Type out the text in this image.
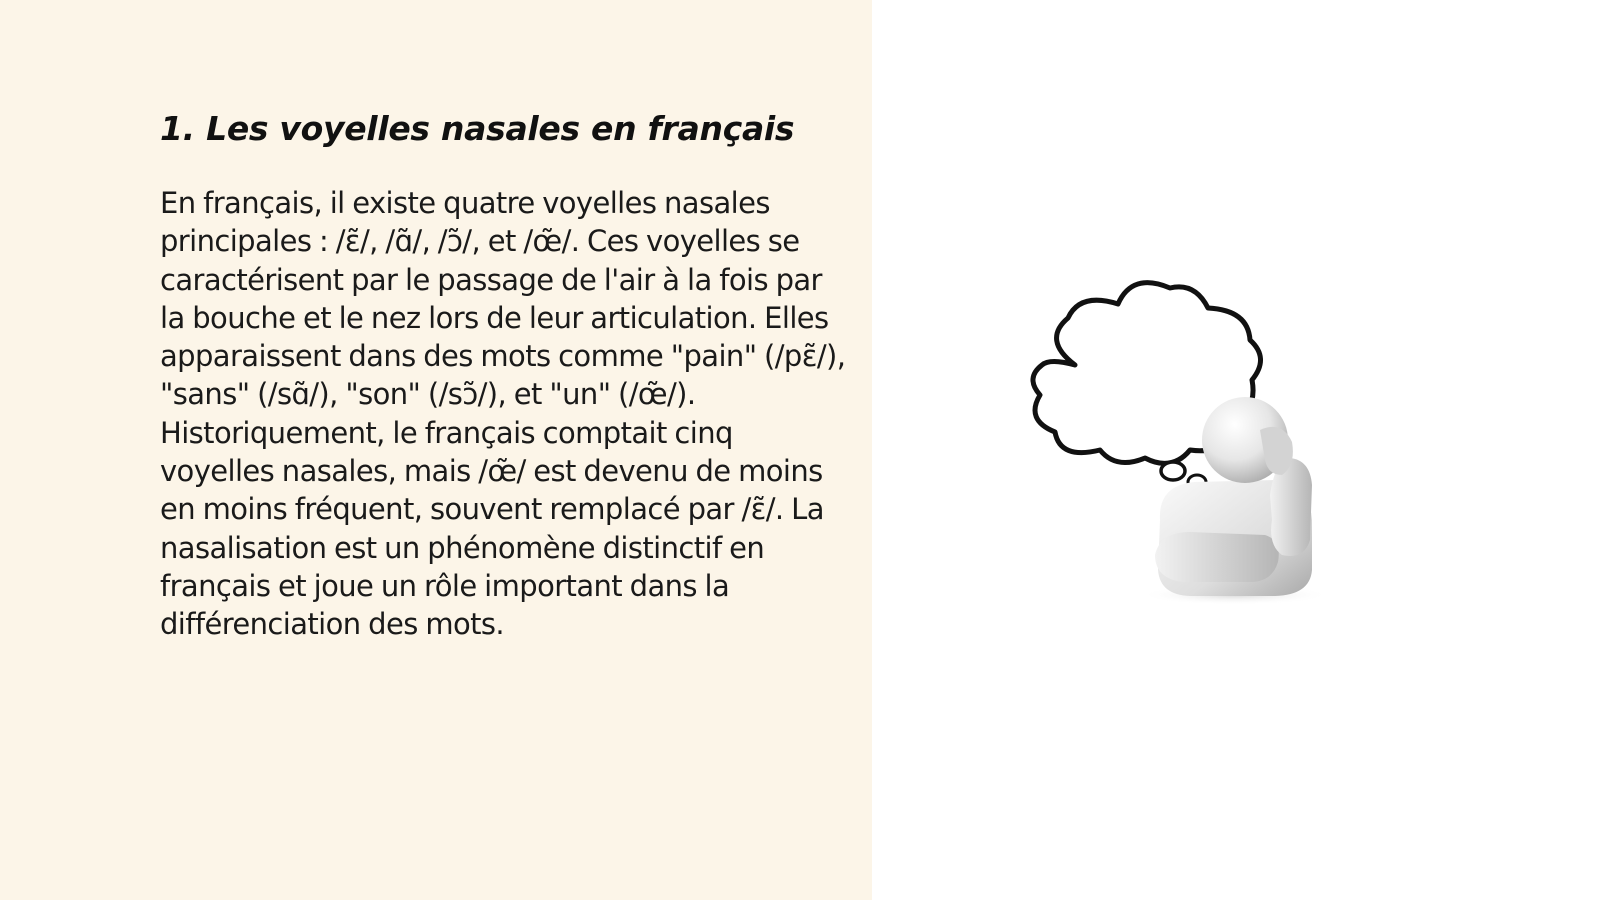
1. Les voyelles nasales en français

En français, il existe quatre voyelles nasales principales : /ɛ̃/, /ɑ̃/, /ɔ̃/, et /œ̃/. Ces voyelles se caractérisent par le passage de l'air à la fois par la bouche et le nez lors de leur articulation. Elles apparaissent dans des mots comme "pain" (/pɛ̃/), "sans" (/sɑ̃/), "son" (/sɔ̃/), et "un" (/œ̃/). Historiquement, le français comptait cinq voyelles nasales, mais /œ̃/ est devenu de moins en moins fréquent, souvent remplacé par /ɛ̃/. La nasalisation est un phénomène distinctif en français et joue un rôle important dans la différenciation des mots.
